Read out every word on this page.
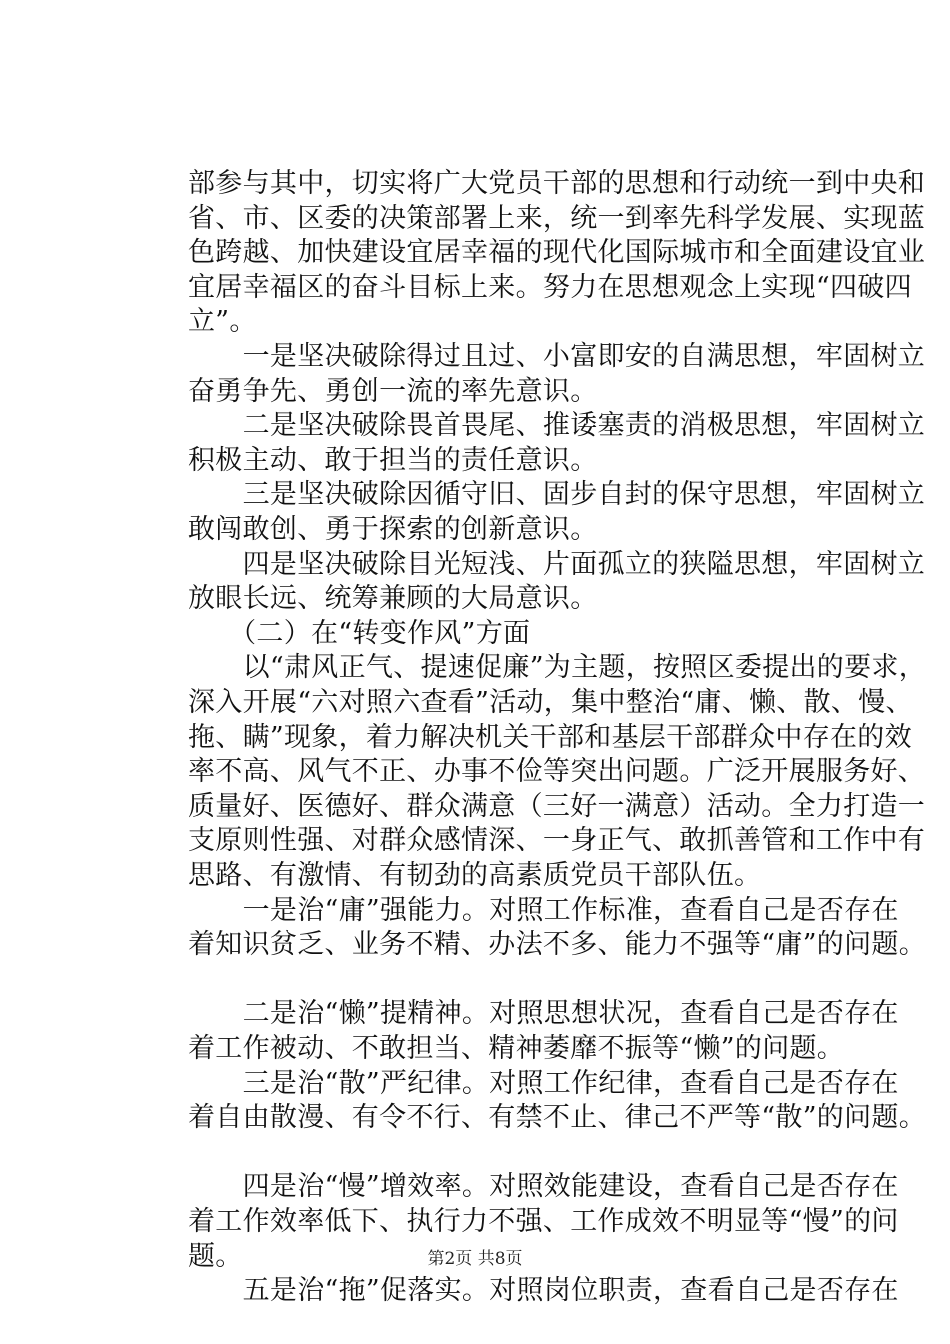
部参与其中，切实将广大党员干部的思想和行动统一到中央和
省、市、区委的决策部署上来，统一到率先科学发展、实现蓝
色跨越、加快建设宜居幸福的现代化国际城市和全面建设宜业
宜居幸福区的奋斗目标上来。努力在思想观念上实现“四破四
立”。
　　一是坚决破除得过且过、小富即安的自满思想，牢固树立
奋勇争先、勇创一流的率先意识。
　　二是坚决破除畏首畏尾、推诿塞责的消极思想，牢固树立
积极主动、敢于担当的责任意识。
　　三是坚决破除因循守旧、固步自封的保守思想，牢固树立
敢闯敢创、勇于探索的创新意识。
　　四是坚决破除目光短浅、片面孤立的狭隘思想，牢固树立
放眼长远、统筹兼顾的大局意识。
　　（二）在“转变作风”方面
　　以“肃风正气、提速促廉”为主题，按照区委提出的要求，
深入开展“六对照六查看”活动，集中整治“庸、懒、散、慢、
拖、瞒”现象，着力解决机关干部和基层干部群众中存在的效
率不高、风气不正、办事不俭等突出问题。广泛开展服务好、
质量好、医德好、群众满意（三好一满意）活动。全力打造一
支原则性强、对群众感情深、一身正气、敢抓善管和工作中有
思路、有激情、有韧劲的高素质党员干部队伍。
　　一是治“庸”强能力。对照工作标准，查看自己是否存在
着知识贫乏、业务不精、办法不多、能力不强等“庸”的问题。
　　二是治“懒”提精神。对照思想状况，查看自己是否存在
着工作被动、不敢担当、精神萎靡不振等“懒”的问题。
　　三是治“散”严纪律。对照工作纪律，查看自己是否存在
着自由散漫、有令不行、有禁不止、律己不严等“散”的问题。
　　四是治“慢”增效率。对照效能建设，查看自己是否存在
着工作效率低下、执行力不强、工作成效不明显等“慢”的问
题。
　　五是治“拖”促落实。对照岗位职责，查看自己是否存在
第2页 共8页
